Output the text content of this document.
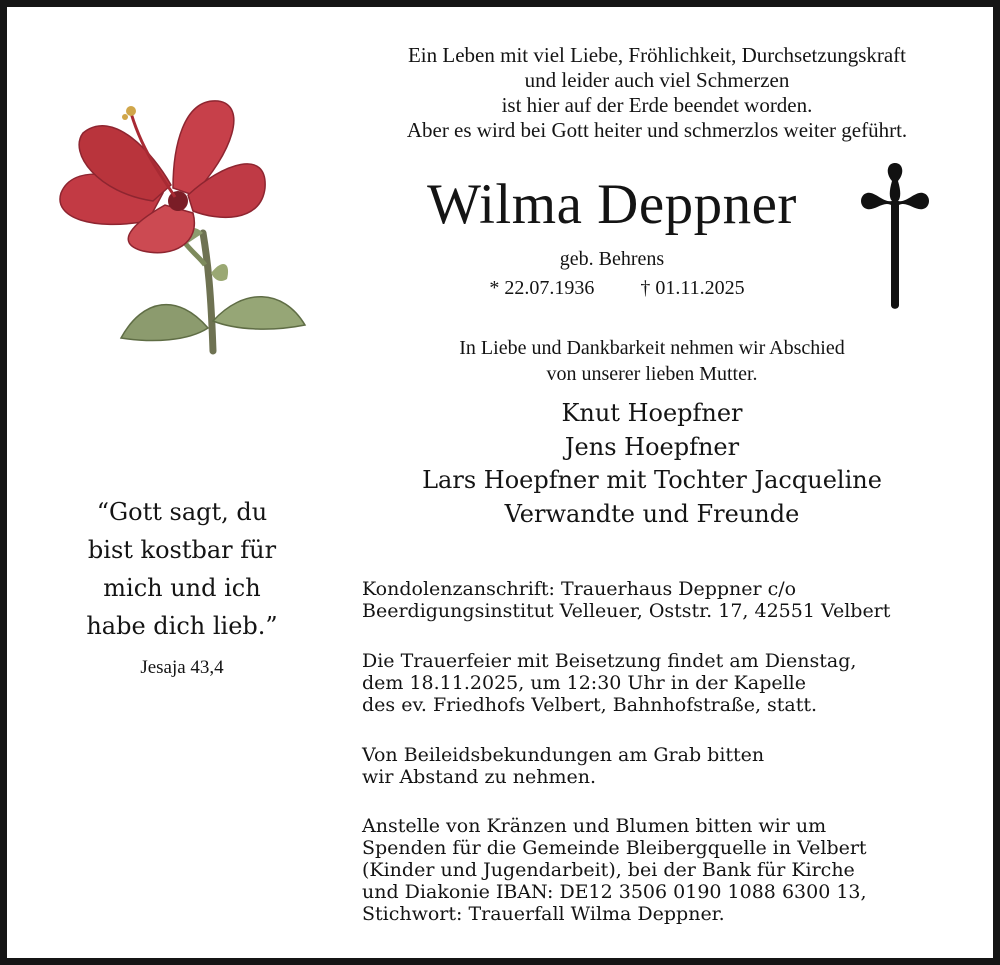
Ein Leben mit viel Liebe, Fröhlichkeit, Durchsetzungskraft
und leider auch viel Schmerzen
ist hier auf der Erde beendet worden.
Aber es wird bei Gott heiter und schmerzlos weiter geführt.
Wilma Deppner
geb. Behrens
* 22.07.1936 † 01.11.2025
In Liebe und Dankbarkeit nehmen wir Abschied
von unserer lieben Mutter.
Knut Hoepfner
Jens Hoepfner
Lars Hoepfner mit Tochter Jacqueline
Verwandte und Freunde
“Gott sagt, du
bist kostbar für
mich und ich
habe dich lieb.”
Jesaja 43,4
Kondolenzanschrift: Trauerhaus Deppner c/o
Beerdigungsinstitut Velleuer, Oststr. 17, 42551 Velbert
Die Trauerfeier mit Beisetzung findet am Dienstag,
dem 18.11.2025, um 12:30 Uhr in der Kapelle
des ev. Friedhofs Velbert, Bahnhofstraße, statt.
Von Beileidsbekundungen am Grab bitten
wir Abstand zu nehmen.
Anstelle von Kränzen und Blumen bitten wir um
Spenden für die Gemeinde Bleibergquelle in Velbert
(Kinder und Jugendarbeit), bei der Bank für Kirche
und Diakonie IBAN: DE12 3506 0190 1088 6300 13,
Stichwort: Trauerfall Wilma Deppner.
